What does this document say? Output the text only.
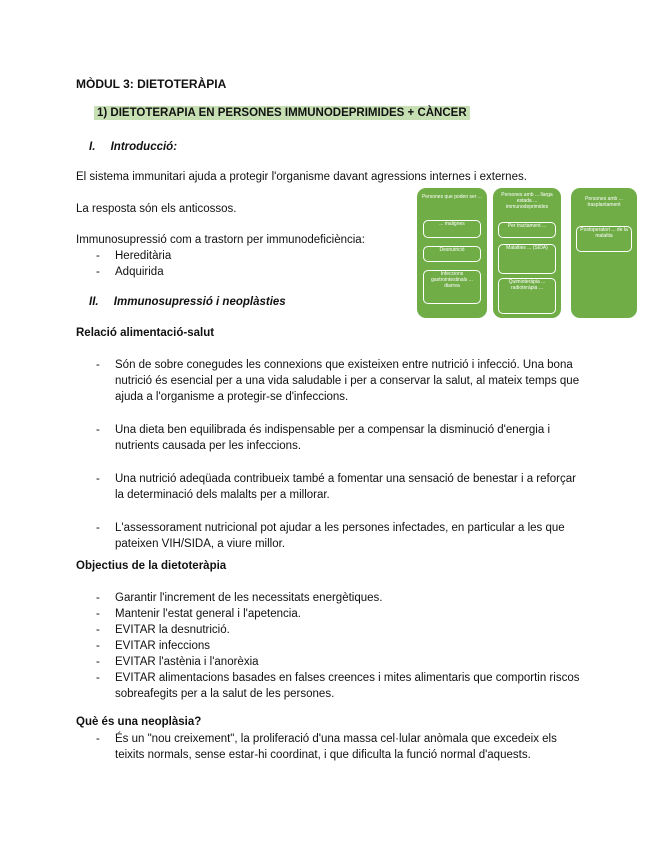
MÒDUL 3: DIETOTERÀPIA
1) DIETOTERAPIA EN PERSONES IMMUNODEPRIMIDES + CÀNCER
I. Introducció:
El sistema immunitari ajuda a protegir l'organisme davant agressions internes i externes.
La resposta són els anticossos.
Immunosupressió com a trastorn per immunodeficiència:
- Hereditària
- Adquirida
II. Immunosupressió i neoplàsties
Relació alimentació-salut
- Són de sobre conegudes les connexions que existeixen entre nutrició i infecció. Una bona nutrició és esencial per a una vida saludable i per a conservar la salut, al mateix temps que ajuda a l'organisme a protegir-se d'infeccions.
- Una dieta ben equilibrada és indispensable per a compensar la disminució d'energia i nutrients causada per les infeccions.
- Una nutrició adeqüada contribueix també a fomentar una sensació de benestar i a reforçar la determinació dels malalts per a millorar.
- L'assessorament nutricional pot ajudar a les persones infectades, en particular a les que pateixen VIH/SIDA, a viure millor.
Objectius de la dietoteràpia
- Garantir l'increment de les necessitats energètiques.
- Mantenir l'estat general i l'apetencia.
- EVITAR la desnutrició.
- EVITAR infeccions
- EVITAR l'astènia i l'anorèxia
- EVITAR alimentacions basades en falses creences i mites alimentaris que comportin riscos sobreafegits per a la salut de les persones.
Què és una neoplàsia?
- És un "nou creixement", la proliferació d'una massa cel·lular anòmala que excedeix els teixits normals, sense estar-hi coordinat, i que dificulta la funció normal d'aquests.
Persones que poden ser ...
... malignes
Desnutrició
Infeccions gastrointestinals ... diarrea
Persones amb ... llarga estada ... immunodeprimides
Per tractament ...
Malalties ... (SIDA)
Quimioteràpia ... radioteràpia ...
Persones amb ... trasplantament
Postoperatori ... de la malaltia
